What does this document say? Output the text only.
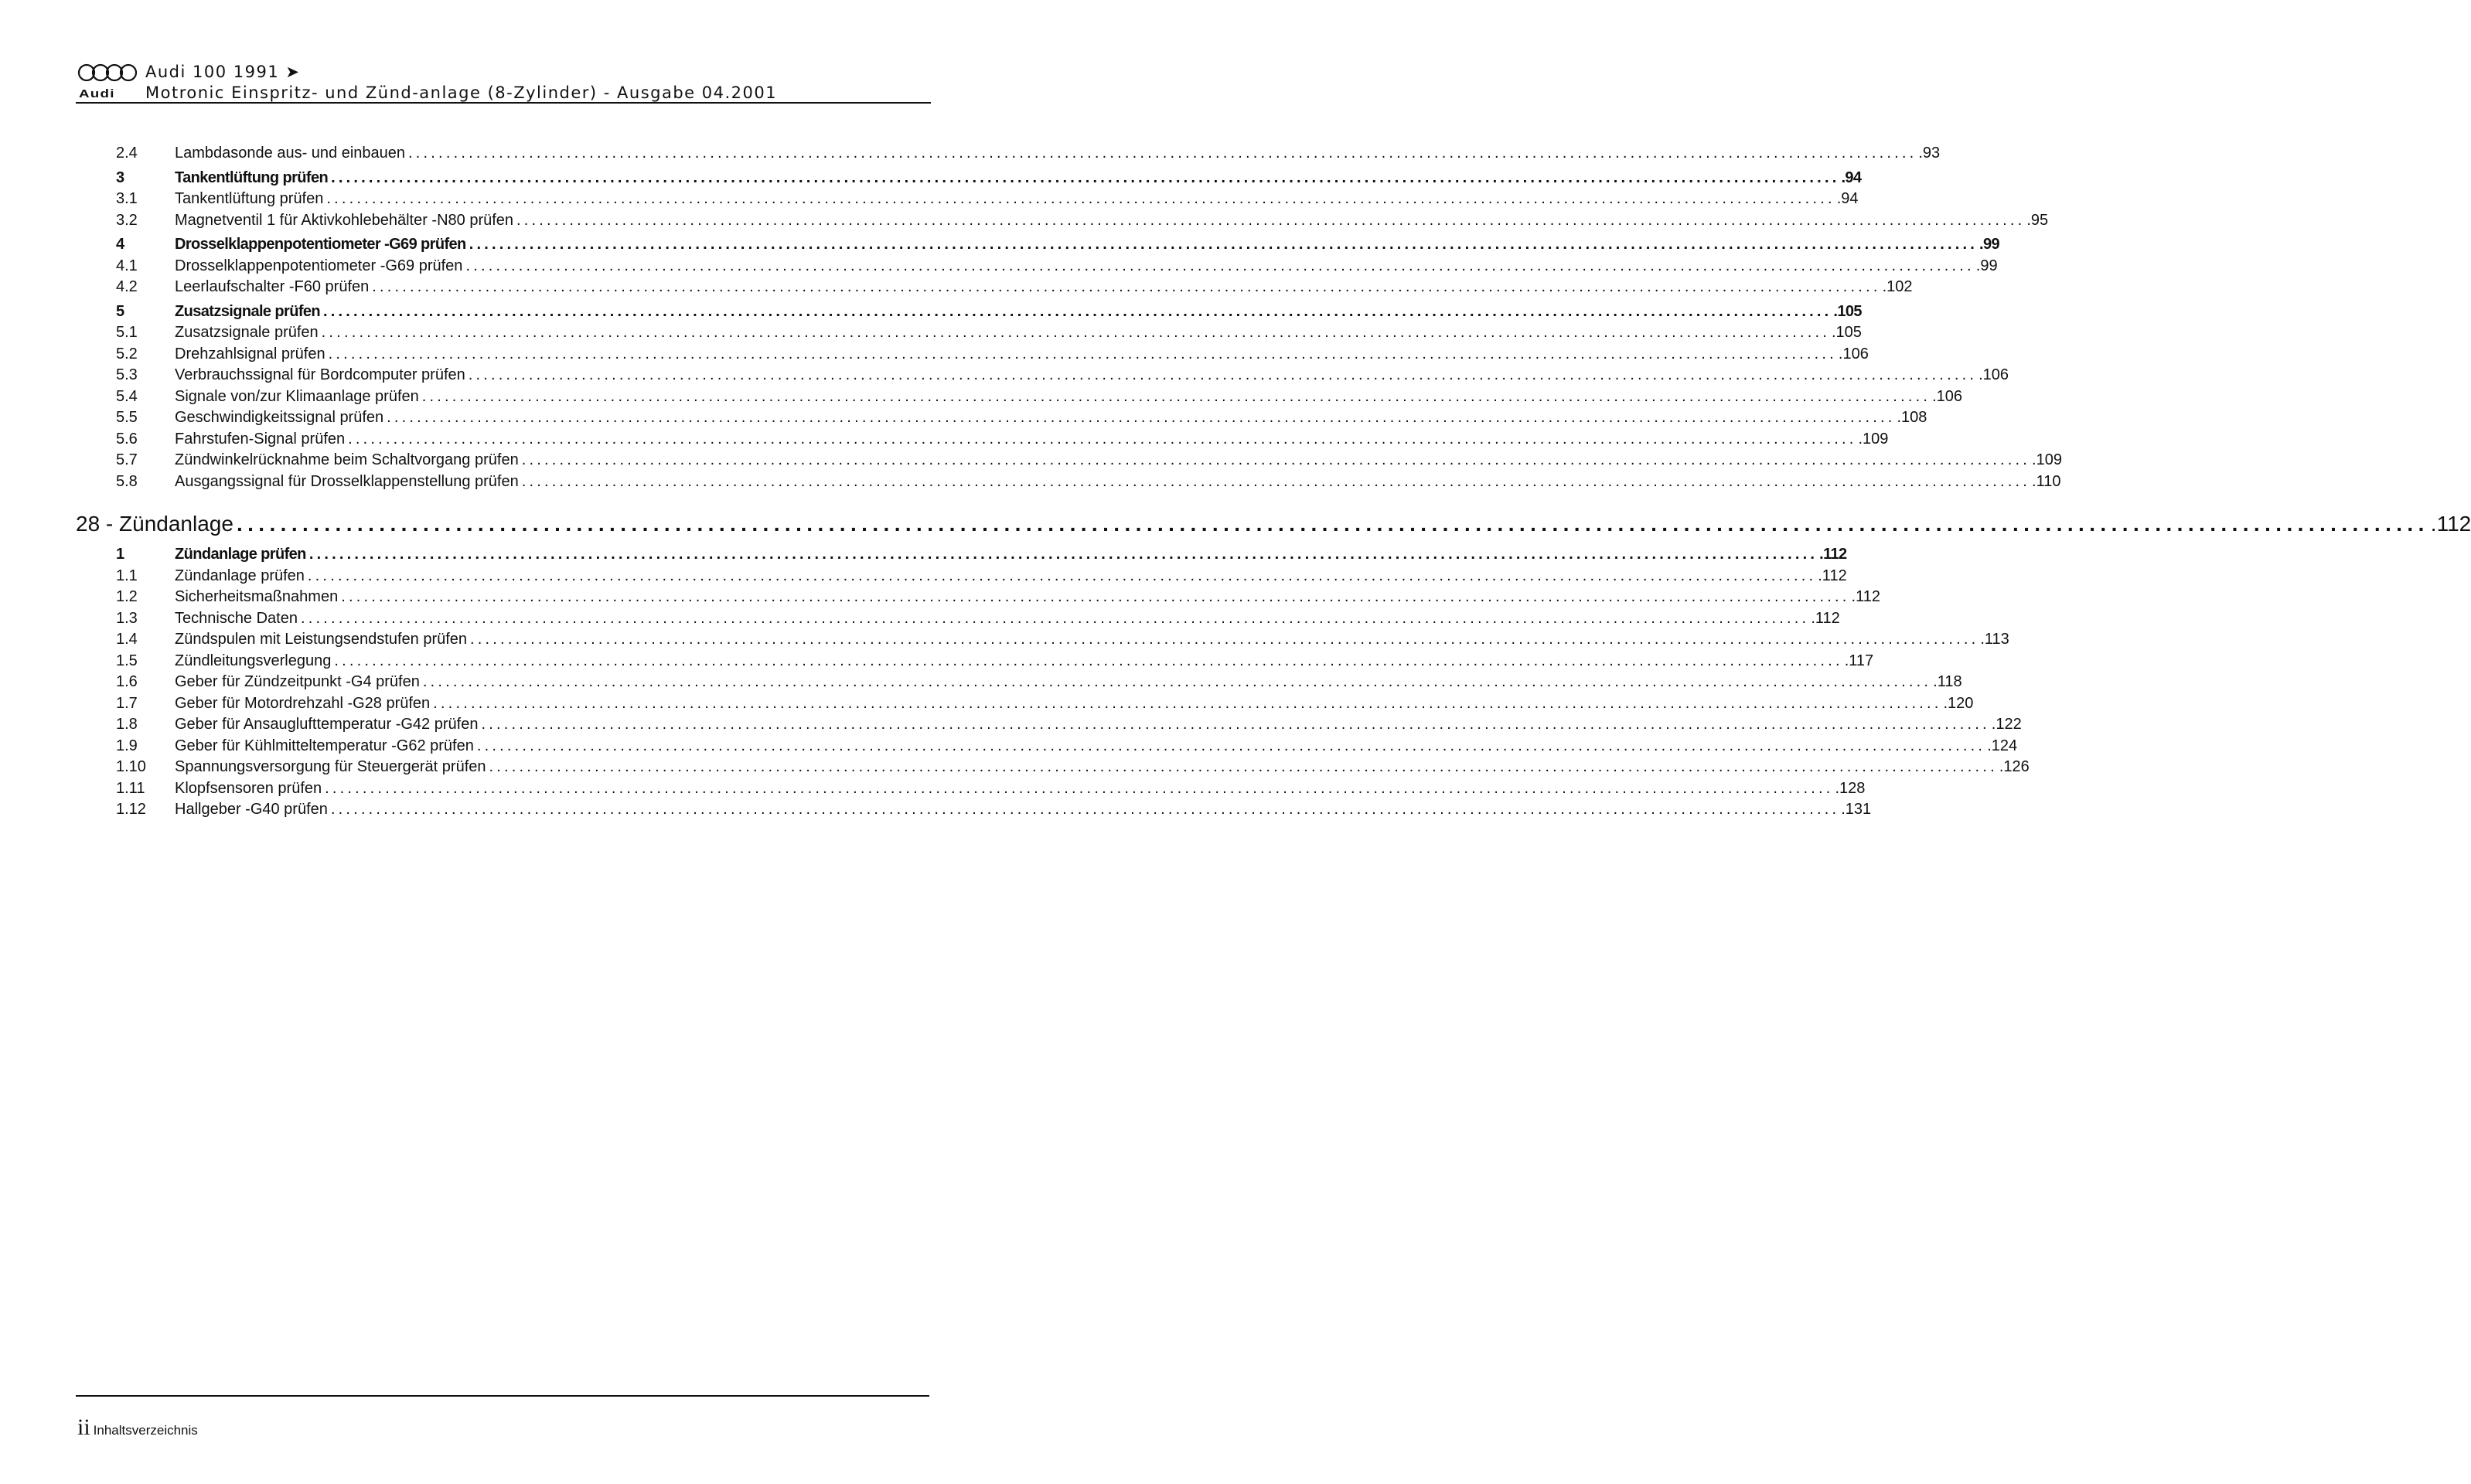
Audi
Audi 100 1991 ➤
Motronic Einspritz- und Zünd-anlage (8-Zylinder) - Ausgabe 04.2001
2.4	Lambdasonde aus- und einbauen ........................................................................................................................................................................................................ .93
3	Tankentlüftung prüfen ........................................................................................................................................................................................................ .94
3.1	Tankentlüftung prüfen ........................................................................................................................................................................................................ .94
3.2	Magnetventil 1 für Aktivkohlebehälter -N80 prüfen ........................................................................................................................................................................................................ .95
4	Drosselklappenpotentiometer -G69 prüfen ........................................................................................................................................................................................................ .99
4.1	Drosselklappenpotentiometer -G69 prüfen ........................................................................................................................................................................................................ .99
4.2	Leerlaufschalter -F60 prüfen ........................................................................................................................................................................................................ .102
5	Zusatzsignale prüfen ........................................................................................................................................................................................................ .105
5.1	Zusatzsignale prüfen ........................................................................................................................................................................................................ .105
5.2	Drehzahlsignal prüfen ........................................................................................................................................................................................................ .106
5.3	Verbrauchssignal für Bordcomputer prüfen ........................................................................................................................................................................................................ .106
5.4	Signale von/zur Klimaanlage prüfen ........................................................................................................................................................................................................ .106
5.5	Geschwindigkeitssignal prüfen ........................................................................................................................................................................................................ .108
5.6	Fahrstufen-Signal prüfen ........................................................................................................................................................................................................ .109
5.7	Zündwinkelrücknahme beim Schaltvorgang prüfen ........................................................................................................................................................................................................ .109
5.8	Ausgangssignal für Drosselklappenstellung prüfen ........................................................................................................................................................................................................ .110
28 - Zündanlage ........................................................................................................................................................................................................ .112
1	Zündanlage prüfen ........................................................................................................................................................................................................ .112
1.1	Zündanlage prüfen ........................................................................................................................................................................................................ .112
1.2	Sicherheitsmaßnahmen ........................................................................................................................................................................................................ .112
1.3	Technische Daten ........................................................................................................................................................................................................ .112
1.4	Zündspulen mit Leistungsendstufen prüfen ........................................................................................................................................................................................................ .113
1.5	Zündleitungsverlegung ........................................................................................................................................................................................................ .117
1.6	Geber für Zündzeitpunkt -G4 prüfen ........................................................................................................................................................................................................ .118
1.7	Geber für Motordrehzahl -G28 prüfen ........................................................................................................................................................................................................ .120
1.8	Geber für Ansauglufttemperatur -G42 prüfen ........................................................................................................................................................................................................ .122
1.9	Geber für Kühlmitteltemperatur -G62 prüfen ........................................................................................................................................................................................................ .124
1.10	Spannungsversorgung für Steuergerät prüfen ........................................................................................................................................................................................................ .126
1.11	Klopfsensoren prüfen ........................................................................................................................................................................................................ .128
1.12	Hallgeber -G40 prüfen ........................................................................................................................................................................................................ .131
ii Inhaltsverzeichnis
